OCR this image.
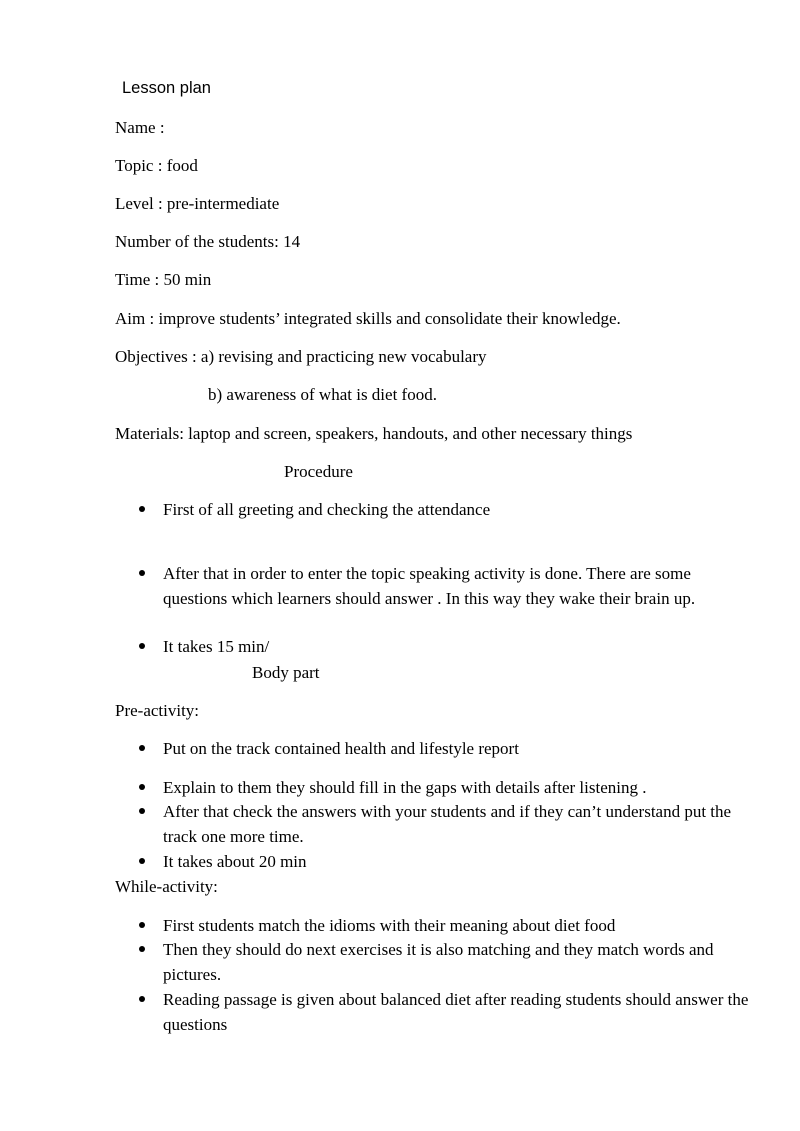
Lesson plan
Name :
Topic : food
Level : pre-intermediate
Number of the students: 14
Time : 50 min
Aim : improve students’ integrated skills and consolidate their knowledge.
Objectives : a) revising and practicing new vocabulary
b) awareness of what is diet food.
Materials: laptop and screen, speakers, handouts, and other necessary things
Procedure
First of all greeting and checking the attendance
After that in order to enter the topic speaking activity is done. There are some questions which learners should answer . In this way they wake their brain up.
It takes 15 min/
Body part
Pre-activity:
Put on the track contained health and lifestyle report
Explain to them they should fill in the gaps with details after listening .
After that check the answers with your students and if they can’t understand put the track one more time.
It takes about 20 min
While-activity:
First students match the idioms with their meaning about diet food
Then they should do next exercises it is also matching and they match words and pictures.
Reading passage is given about balanced diet after reading students should answer the questions
